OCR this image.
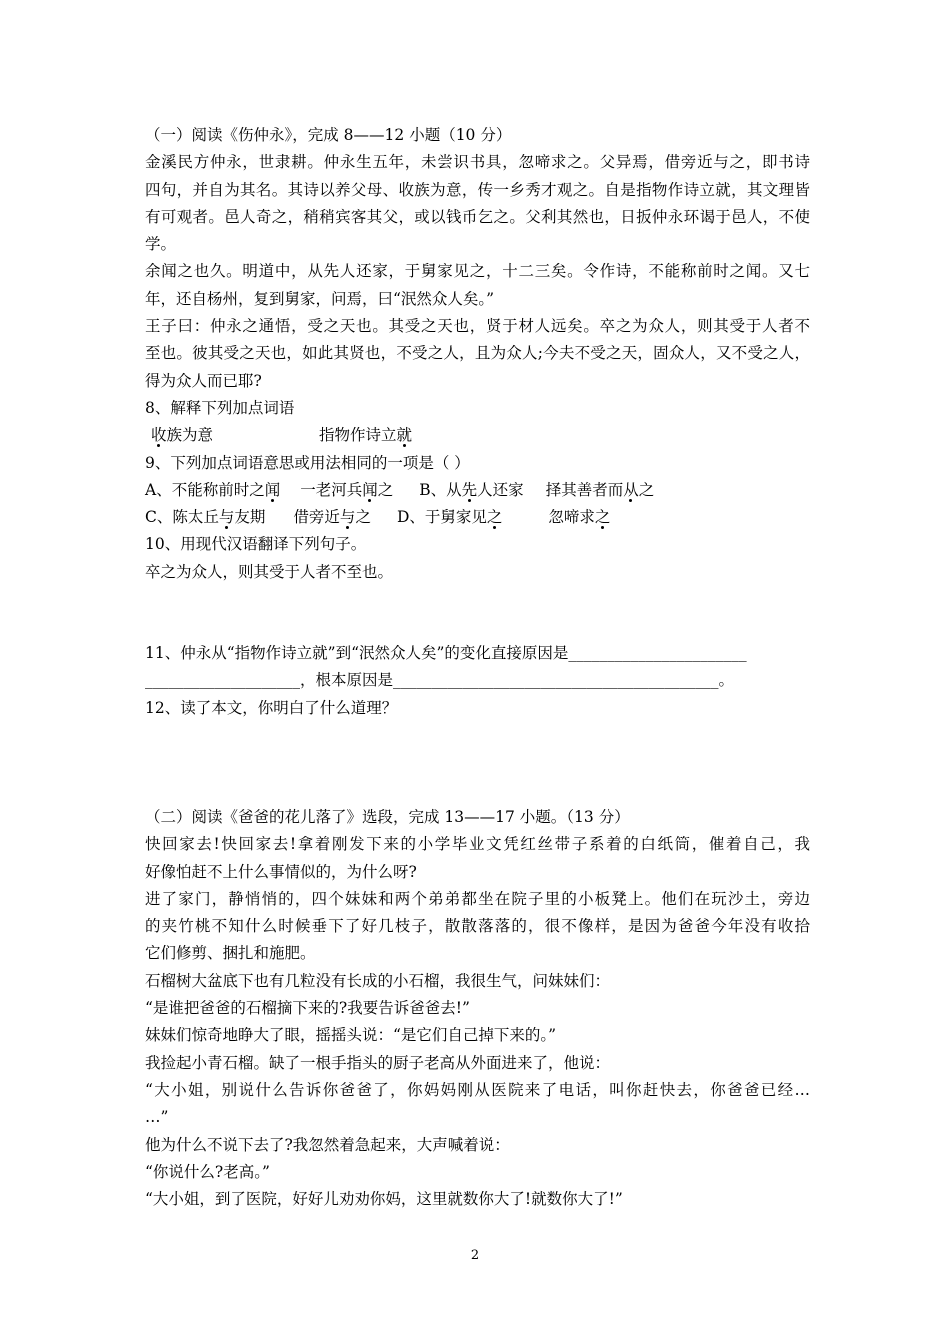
（一）阅读《伤仲永》，完成 8——12 小题（10 分）
金溪民方仲永，世隶耕。仲永生五年，未尝识书具，忽啼求之。父异焉，借旁近与之，即书诗
四句，并自为其名。其诗以养父母、收族为意，传一乡秀才观之。自是指物作诗立就，其文理皆
有可观者。邑人奇之，稍稍宾客其父，或以钱币乞之。父利其然也，日扳仲永环谒于邑人，不使
学。
余闻之也久。明道中，从先人还家，于舅家见之，十二三矣。令作诗，不能称前时之闻。又七
年，还自杨州，复到舅家，问焉，曰“泯然众人矣。”
王子曰：仲永之通悟，受之天也。其受之天也，贤于材人远矣。卒之为众人，则其受于人者不
至也。彼其受之天也，如此其贤也，不受之人，且为众人;今夫不受之天，固众人，又不受之人，
得为众人而已耶?
8、解释下列加点词语
收族为意	指物作诗立就
9、下列加点词语意思或用法相同的一项是（ ）
A、不能称前时之闻 一老河兵闻之 B、从先人还家 择其善者而从之
C、陈太丘与友期 借旁近与之 D、于舅家见之	忽啼求之
10、用现代汉语翻译下列句子。
卒之为众人，则其受于人者不至也。
11、仲永从“指物作诗立就”到“泯然众人矣”的变化直接原因是_______________________
____________________，根本原因是__________________________________________。
12、读了本文，你明白了什么道理？
（二）阅读《爸爸的花儿落了》选段，完成 13——17 小题。（13 分）
快回家去!快回家去!拿着刚发下来的小学毕业文凭红丝带子系着的白纸筒，催着自己，我
好像怕赶不上什么事情似的，为什么呀?
进了家门，静悄悄的，四个妹妹和两个弟弟都坐在院子里的小板凳上。他们在玩沙土，旁边
的夹竹桃不知什么时候垂下了好几枝子，散散落落的，很不像样，是因为爸爸今年没有收拾
它们修剪、捆扎和施肥。
石榴树大盆底下也有几粒没有长成的小石榴，我很生气，问妹妹们：
“是谁把爸爸的石榴摘下来的?我要告诉爸爸去!”
妹妹们惊奇地睁大了眼，摇摇头说：“是它们自己掉下来的。”
我捡起小青石榴。缺了一根手指头的厨子老高从外面进来了，他说：
“大小姐，别说什么告诉你爸爸了，你妈妈刚从医院来了电话，叫你赶快去，你爸爸已经…
…”
他为什么不说下去了?我忽然着急起来，大声喊着说：
“你说什么?老高。”
“大小姐，到了医院，好好儿劝劝你妈，这里就数你大了!就数你大了!”
2
